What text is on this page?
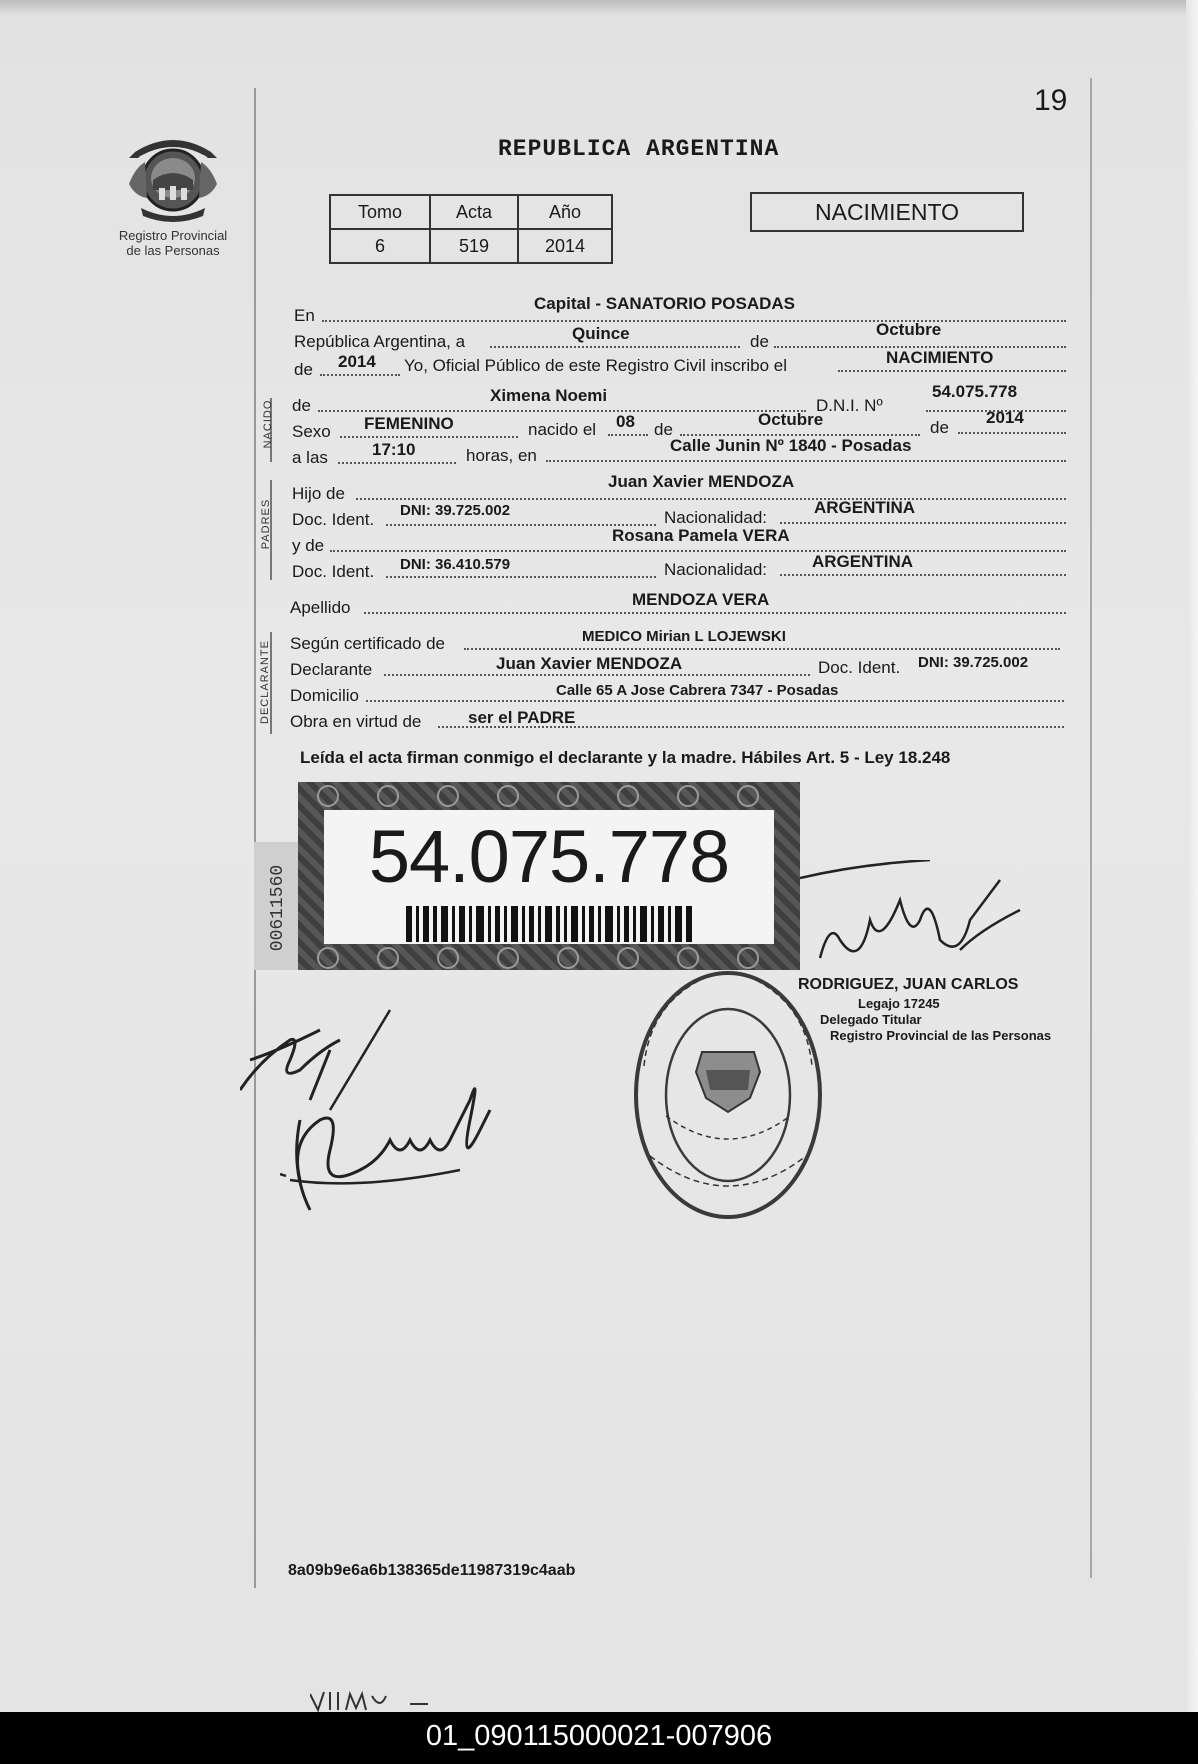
19
Registro Provincial
de las Personas
REPUBLICA ARGENTINA
Tomo	Acta	Año
6	519	2014
NACIMIENTO
En
Capital - SANATORIO POSADAS
República Argentina, a	Quince	de
Octubre
de 2014 Yo, Oficial Público de este Registro Civil inscribo el	NACIMIENTO
NACIDO de
Ximena Noemi
D.N.I. Nº
54.075.778
Sexo FEMENINO	nacido el 08 de
Octubre	de
2014
a las	17:10	horas, en
Calle Junin Nº 1840 - Posadas
PADRES
Hijo de
Juan Xavier MENDOZA
Doc. Ident. DNI: 39.725.002	Nacionalidad:
ARGENTINA
y de
Rosana Pamela VERA
Doc. Ident. DNI: 36.410.579	Nacionalidad:	ARGENTINA
Apellido	MENDOZA VERA
DECLARANTE Según certificado de	MEDICO Mirian L LOJEWSKI
Declarante	Juan Xavier MENDOZA	Doc. Ident. DNI: 39.725.002
Domicilio	Calle 65 A Jose Cabrera 7347 - Posadas
Obra en virtud de	ser el PADRE
Leída el acta firman conmigo el declarante y la madre. Hábiles Art. 5 - Ley 18.248
00611560
54.075.778
RODRIGUEZ, JUAN CARLOS
Legajo 17245
Delegado Titular
Registro Provincial de las Personas
8a09b9e6a6b138365de11987319c4aab
01_090115000021-007906
